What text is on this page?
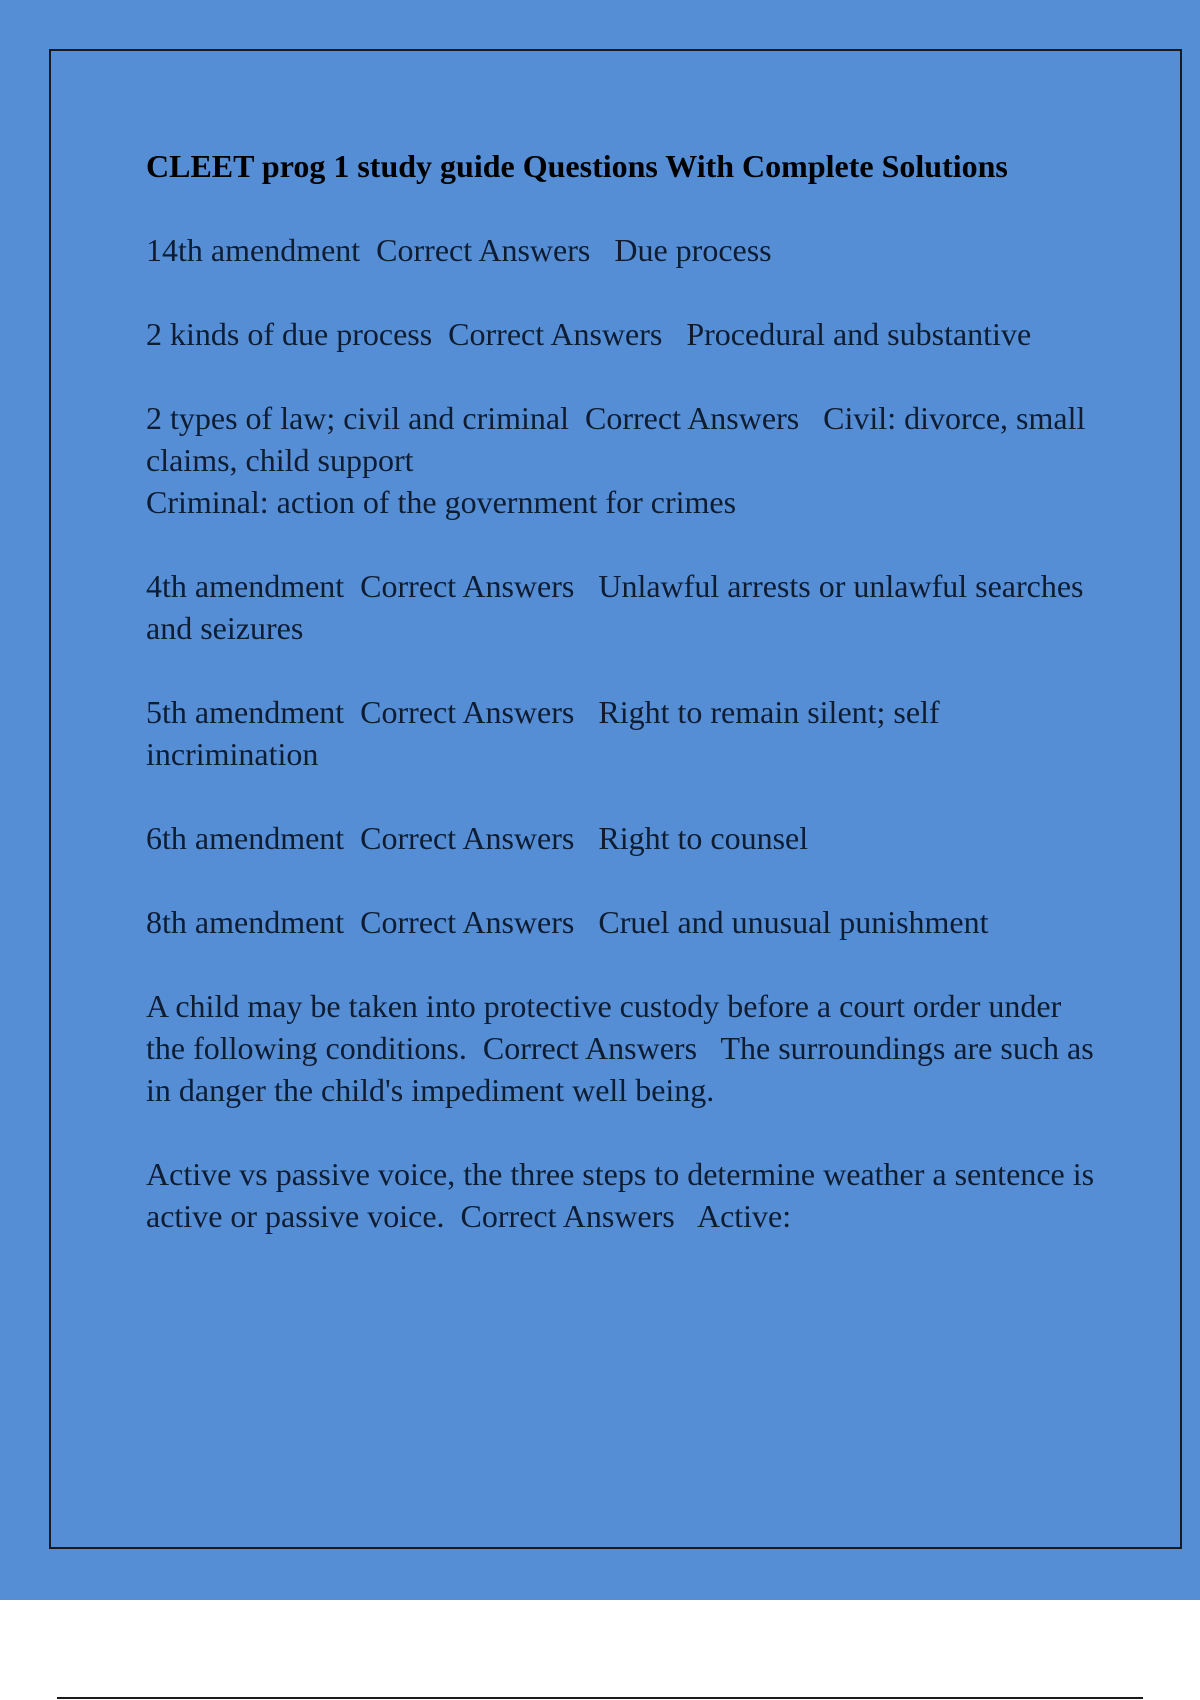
CLEET prog 1 study guide Questions With Complete Solutions
14th amendment Correct Answers Due process
2 kinds of due process Correct Answers Procedural and substantive
2 types of law; civil and criminal Correct Answers Civil: divorce, small claims, child support
Criminal: action of the government for crimes
4th amendment Correct Answers Unlawful arrests or unlawful searches and seizures
5th amendment Correct Answers Right to remain silent; self incrimination
6th amendment Correct Answers Right to counsel
8th amendment Correct Answers Cruel and unusual punishment
A child may be taken into protective custody before a court order under the following conditions. Correct Answers The surroundings are such as in danger the child's impediment well being.
Active vs passive voice, the three steps to determine weather a sentence is active or passive voice. Correct Answers Active:
